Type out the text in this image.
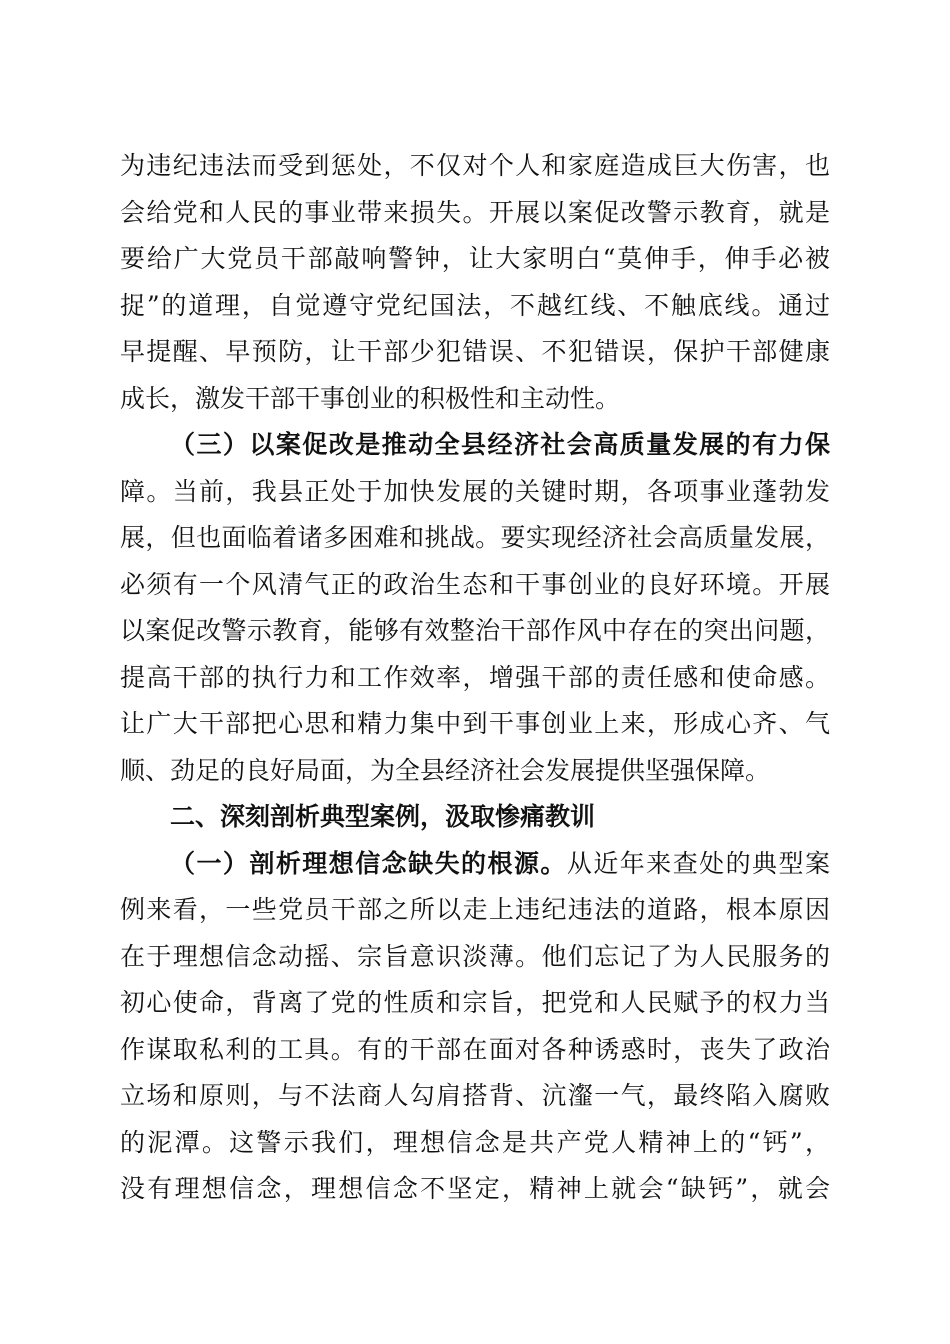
为违纪违法而受到惩处，不仅对个人和家庭造成巨大伤害，也
会给党和人民的事业带来损失。开展以案促改警示教育，就是
要给广大党员干部敲响警钟，让大家明白“莫伸手，伸手必被
捉”的道理，自觉遵守党纪国法，不越红线、不触底线。通过
早提醒、早预防，让干部少犯错误、不犯错误，保护干部健康
成长，激发干部干事创业的积极性和主动性。
（三）以案促改是推动全县经济社会高质量发展的有力保
障。当前，我县正处于加快发展的关键时期，各项事业蓬勃发
展，但也面临着诸多困难和挑战。要实现经济社会高质量发展，
必须有一个风清气正的政治生态和干事创业的良好环境。开展
以案促改警示教育，能够有效整治干部作风中存在的突出问题，
提高干部的执行力和工作效率，增强干部的责任感和使命感。
让广大干部把心思和精力集中到干事创业上来，形成心齐、气
顺、劲足的良好局面，为全县经济社会发展提供坚强保障。
二、深刻剖析典型案例，汲取惨痛教训
（一）剖析理想信念缺失的根源。从近年来查处的典型案
例来看，一些党员干部之所以走上违纪违法的道路，根本原因
在于理想信念动摇、宗旨意识淡薄。他们忘记了为人民服务的
初心使命，背离了党的性质和宗旨，把党和人民赋予的权力当
作谋取私利的工具。有的干部在面对各种诱惑时，丧失了政治
立场和原则，与不法商人勾肩搭背、沆瀣一气，最终陷入腐败
的泥潭。这警示我们，理想信念是共产党人精神上的“钙”，
没有理想信念，理想信念不坚定，精神上就会“缺钙”，就会
